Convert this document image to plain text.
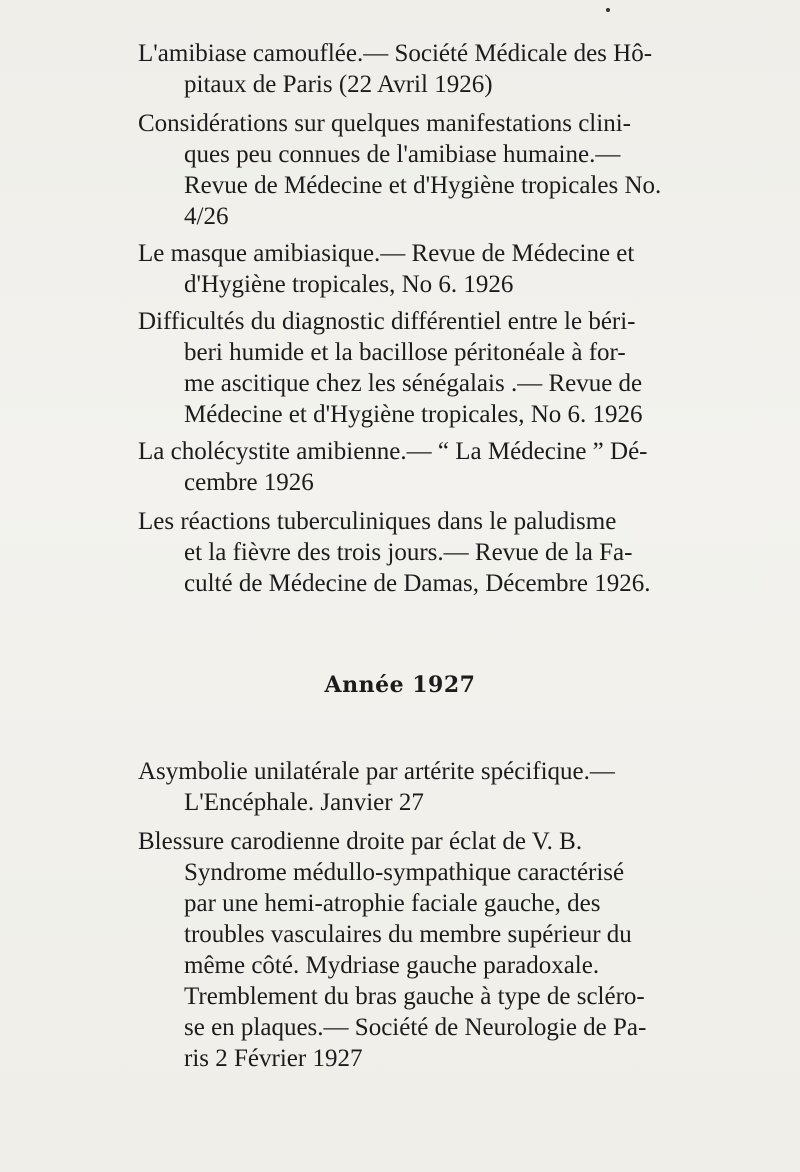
L'amibiase camouflée.— Société Médicale des Hô-
pitaux de Paris (22 Avril 1926)
Considérations sur quelques manifestations clini-
ques peu connues de l'amibiase humaine.—
Revue de Médecine et d'Hygiène tropicales No.
4/26
Le masque amibiasique.— Revue de Médecine et
d'Hygiène tropicales, No 6. 1926
Difficultés du diagnostic différentiel entre le béri-
beri humide et la bacillose péritonéale à for-
me ascitique chez les sénégalais .— Revue de
Médecine et d'Hygiène tropicales, No 6. 1926
La cholécystite amibienne.— “ La Médecine ” Dé-
cembre 1926
Les réactions tuberculiniques dans le paludisme
et la fièvre des trois jours.— Revue de la Fa-
culté de Médecine de Damas, Décembre 1926.
Année 1927
Asymbolie unilatérale par artérite spécifique.—
L'Encéphale. Janvier 27
Blessure carodienne droite par éclat de V. B.
Syndrome médullo-sympathique caractérisé
par une hemi-atrophie faciale gauche, des
troubles vasculaires du membre supérieur du
même côté. Mydriase gauche paradoxale.
Tremblement du bras gauche à type de scléro-
se en plaques.— Société de Neurologie de Pa-
ris 2 Février 1927
